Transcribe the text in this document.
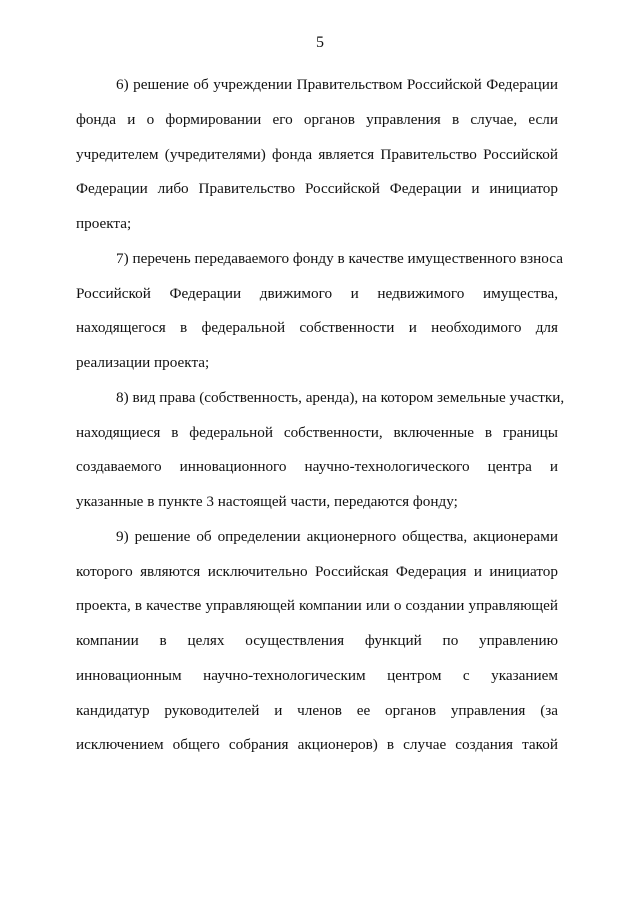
5
6) решение об учреждении Правительством Российской Федерации
фонда и о формировании его органов управления в случае, если
учредителем (учредителями) фонда является Правительство Российской
Федерации либо Правительство Российской Федерации и инициатор
проекта;
7) перечень передаваемого фонду в качестве имущественного взноса
Российской Федерации движимого и недвижимого имущества,
находящегося в федеральной собственности и необходимого для
реализации проекта;
8) вид права (собственность, аренда), на котором земельные участки,
находящиеся в федеральной собственности, включенные в границы
создаваемого инновационного научно-технологического центра и
указанные в пункте 3 настоящей части, передаются фонду;
9) решение об определении акционерного общества, акционерами
которого являются исключительно Российская Федерация и инициатор
проекта, в качестве управляющей компании или о создании управляющей
компании в целях осуществления функций по управлению
инновационным научно-технологическим центром с указанием
кандидатур руководителей и членов ее органов управления (за
исключением общего собрания акционеров) в случае создания такой
